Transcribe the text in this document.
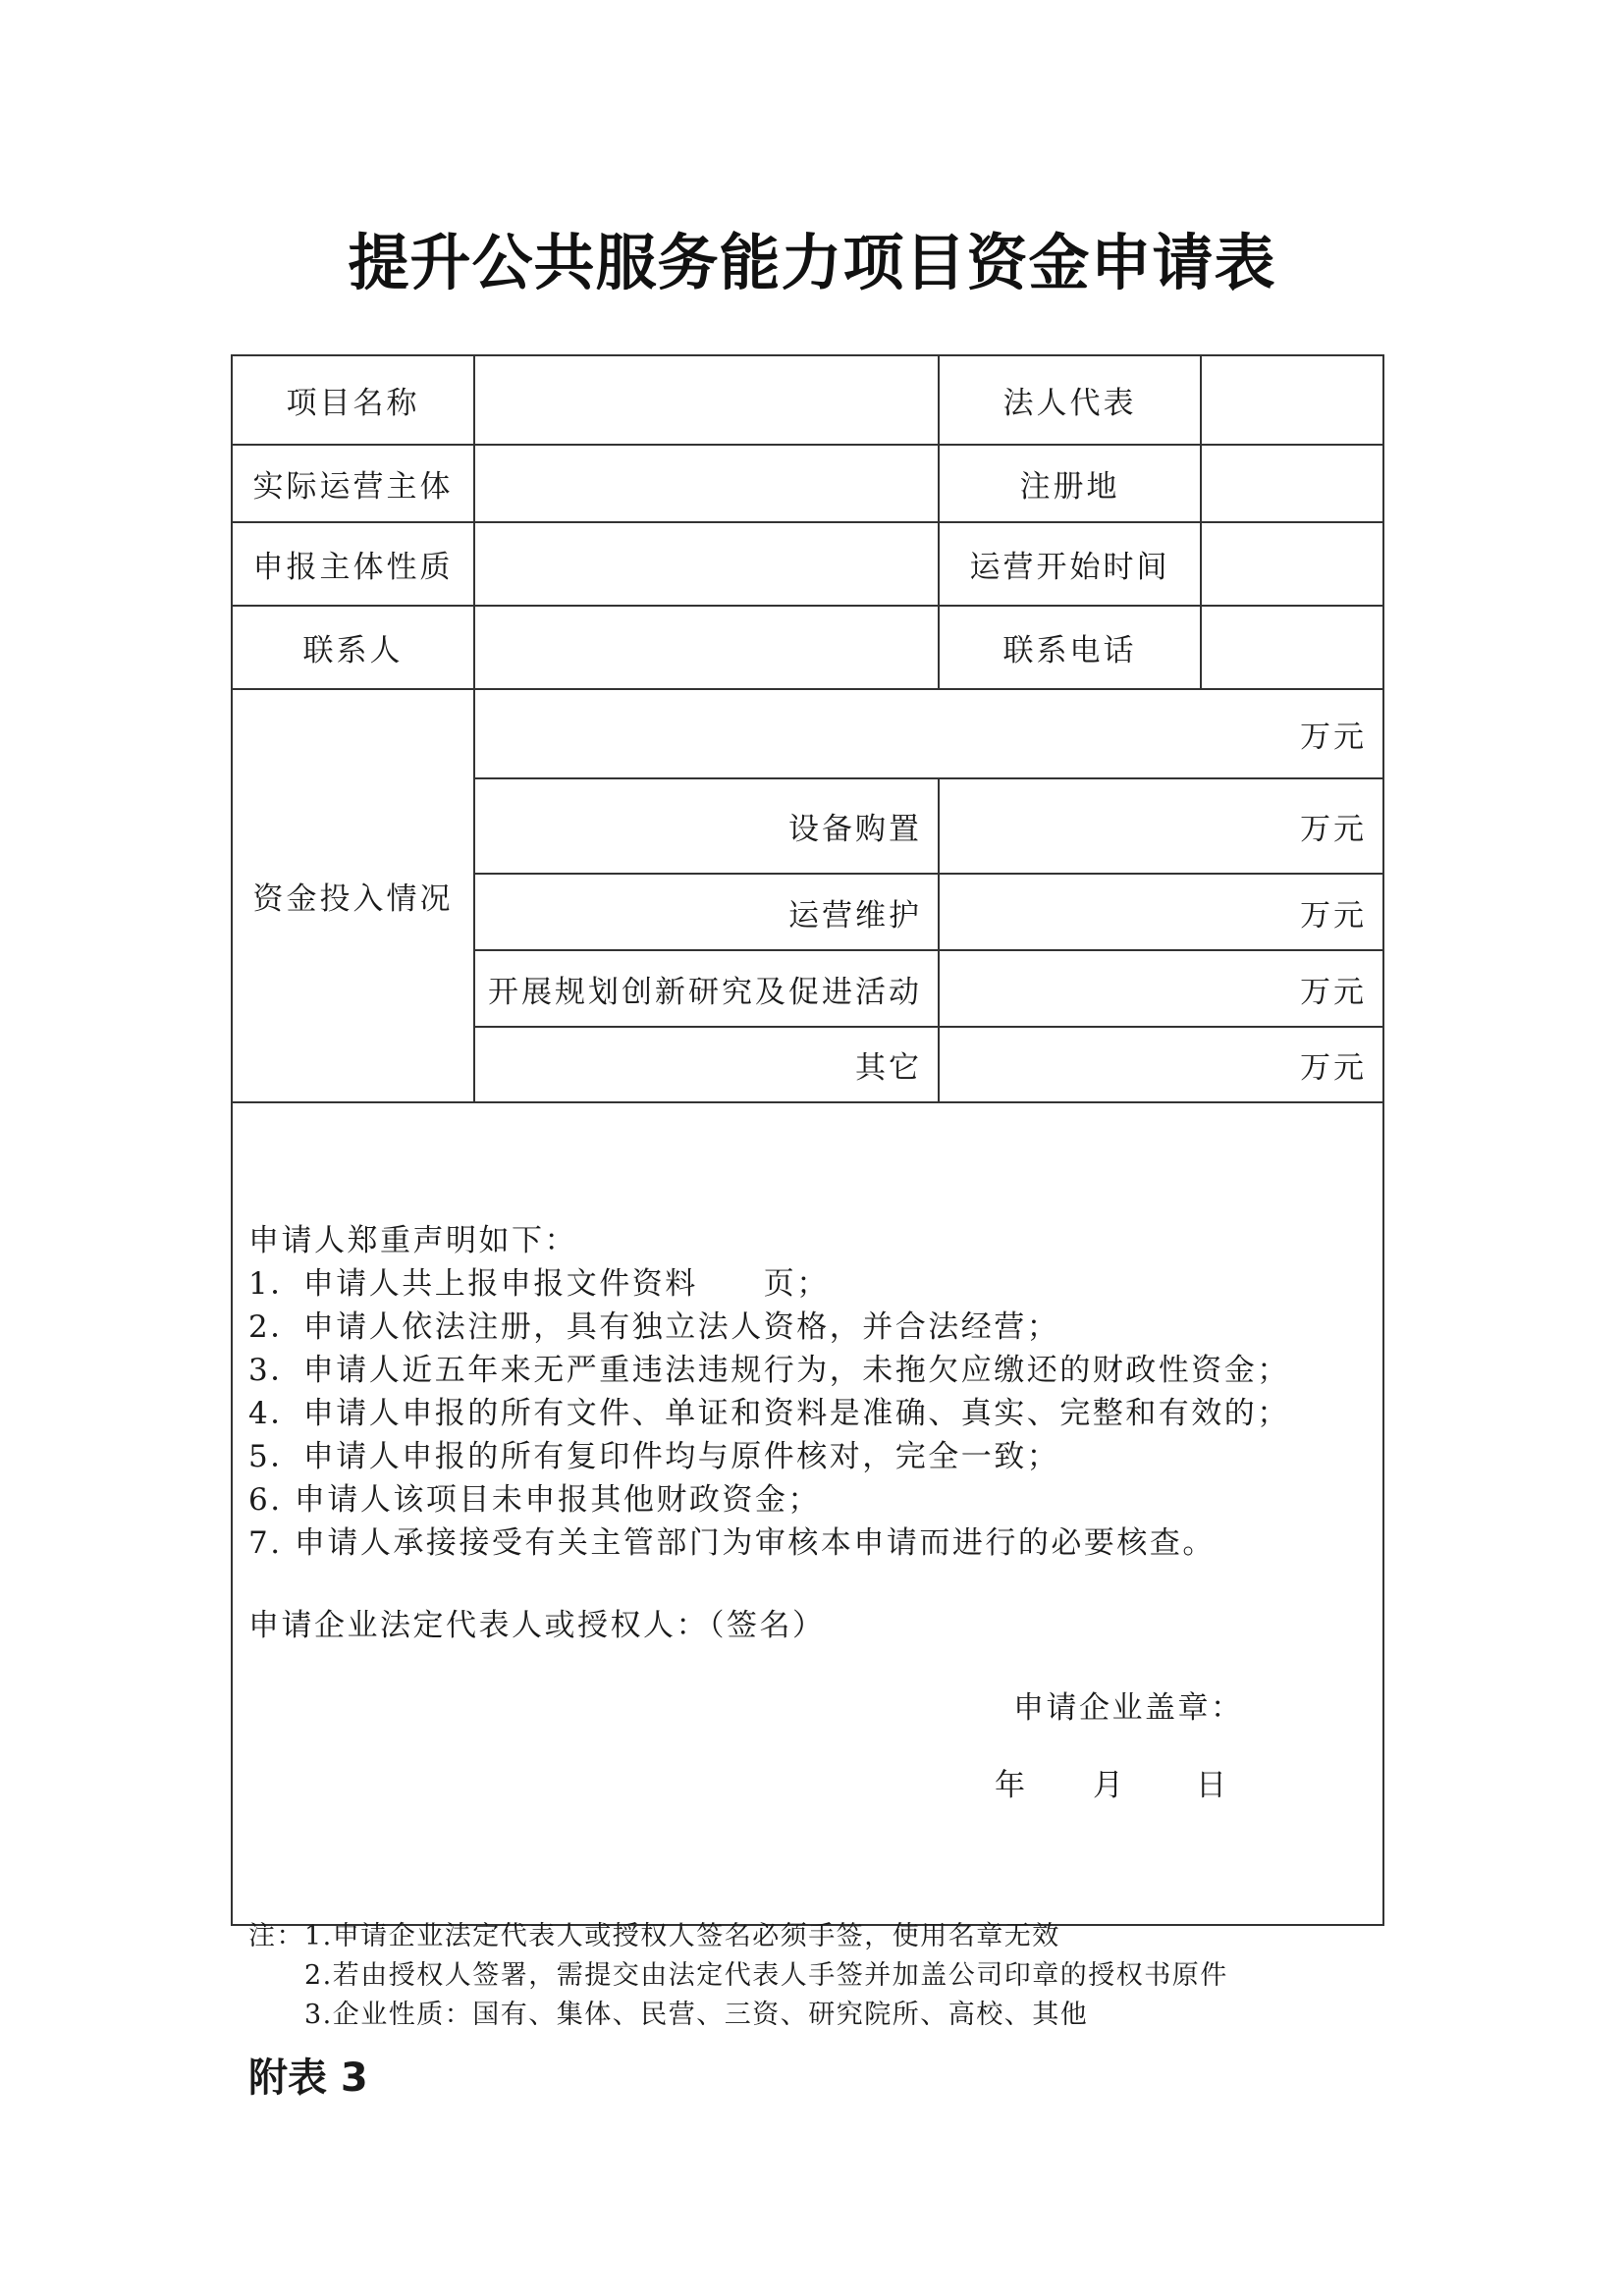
提升公共服务能力项目资金申请表
项目名称	法人代表
实际运营主体	注册地
申报主体性质	运营开始时间
联系人	联系电话
资金投入情况
万元
设备购置	万元
运营维护	万元
开展规划创新研究及促进活动	万元
其它	万元
申请人郑重声明如下：
1．申请人共上报申报文件资料　　页；
2．申请人依法注册，具有独立法人资格，并合法经营；
3．申请人近五年来无严重违法违规行为，未拖欠应缴还的财政性资金；
4．申请人申报的所有文件、单证和资料是准确、真实、完整和有效的；
5．申请人申报的所有复印件均与原件核对，完全一致；
6. 申请人该项目未申报其他财政资金；
7. 申请人承接接受有关主管部门为审核本申请而进行的必要核查。
申请企业法定代表人或授权人：（签名）
申请企业盖章：
年 月 日
注：1.申请企业法定代表人或授权人签名必须手签，使用名章无效
　　2.若由授权人签署，需提交由法定代表人手签并加盖公司印章的授权书原件
　　3.企业性质：国有、集体、民营、三资、研究院所、高校、其他
附表 3
